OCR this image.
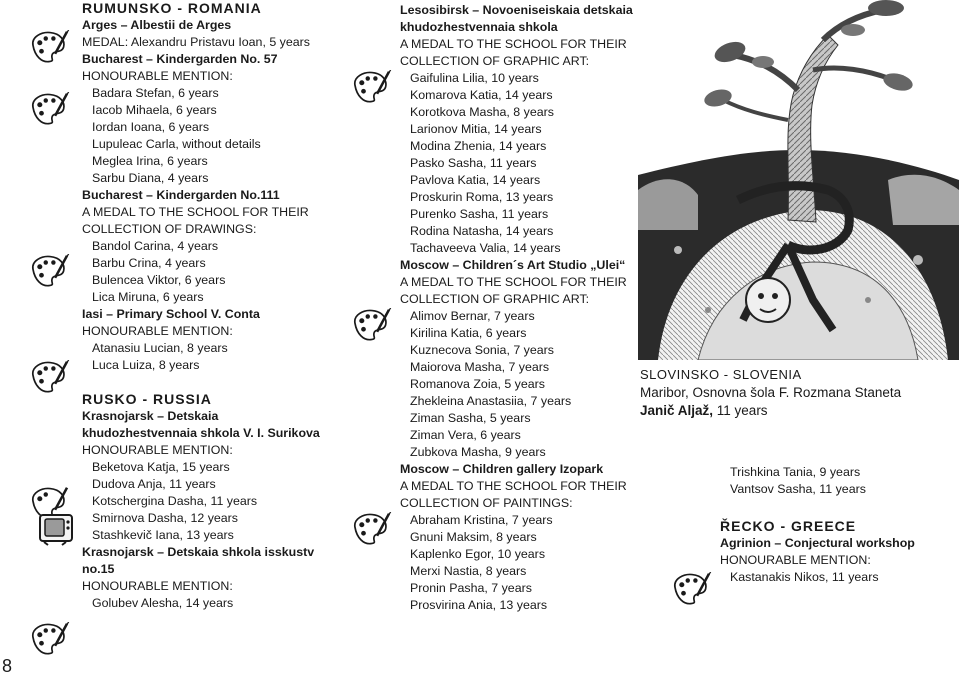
RUMUNSKO - ROMANIA
Arges – Albestii de Arges
MEDAL: Alexandru Pristavu Ioan, 5 years
Bucharest – Kindergarden No. 57
HONOURABLE MENTION:
Badara Stefan, 6 years
Iacob Mihaela, 6 years
Iordan Ioana, 6 years
Lupuleac Carla, without details
Meglea Irina, 6 years
Sarbu Diana, 4 years
Bucharest – Kindergarden No.111
A MEDAL TO THE SCHOOL FOR THEIR
COLLECTION OF DRAWINGS:
Bandol Carina, 4 years
Barbu Crina, 4 years
Bulencea Viktor, 6 years
Lica Miruna, 6 years
Iasi – Primary School V. Conta
HONOURABLE MENTION:
Atanasiu Lucian, 8 years
Luca Luiza, 8 years
RUSKO - RUSSIA
Krasnojarsk – Detskaia
khudozhestvennaia shkola V. I. Surikova
HONOURABLE MENTION:
Beketova Katja, 15 years
Dudova Anja, 11 years
Kotschergina Dasha, 11 years
Smirnova Dasha, 12 years
Stashkevič Iana, 13 years
Krasnojarsk – Detskaia shkola isskustv
no.15
HONOURABLE MENTION:
Golubev Alesha, 14 years
Lesosibirsk – Novoeniseiskaia detskaia
khudozhestvennaia shkola
A MEDAL TO THE SCHOOL FOR THEIR
COLLECTION OF GRAPHIC ART:
Gaifulina Lilia, 10 years
Komarova Katia, 14 years
Korotkova Masha, 8 years
Larionov Mitia, 14 years
Modina Zhenia, 14 years
Pasko Sasha, 11 years
Pavlova Katia, 14 years
Proskurin Roma, 13 years
Purenko Sasha, 11 years
Rodina Natasha, 14 years
Tachaveeva Valia, 14 years
Moscow – Children´s Art Studio „Ulei“
A MEDAL TO THE SCHOOL FOR THEIR
COLLECTION OF GRAPHIC ART:
Alimov Bernar, 7 years
Kirilina Katia, 6 years
Kuznecova Sonia, 7 years
Maiorova Masha, 7 years
Romanova Zoia, 5 years
Zhekleina Anastasiia, 7 years
Ziman Sasha, 5 years
Ziman Vera, 6 years
Zubkova Masha, 9 years
Moscow – Children gallery Izopark
A MEDAL TO THE SCHOOL FOR THEIR
COLLECTION OF PAINTINGS:
Abraham Kristina, 7 years
Gnuni Maksim, 8 years
Kaplenko Egor, 10 years
Merxi Nastia, 8 years
Pronin Pasha, 7 years
Prosvirina Ania, 13 years
SLOVINSKO - SLOVENIA
Maribor, Osnovna šola F. Rozmana Staneta
Janič Aljaž, 11 years
Trishkina Tania, 9 years
Vantsov Sasha, 11 years
ŘECKO - GREECE
Agrinion – Conjectural workshop
HONOURABLE MENTION:
Kastanakis Nikos, 11 years
8
